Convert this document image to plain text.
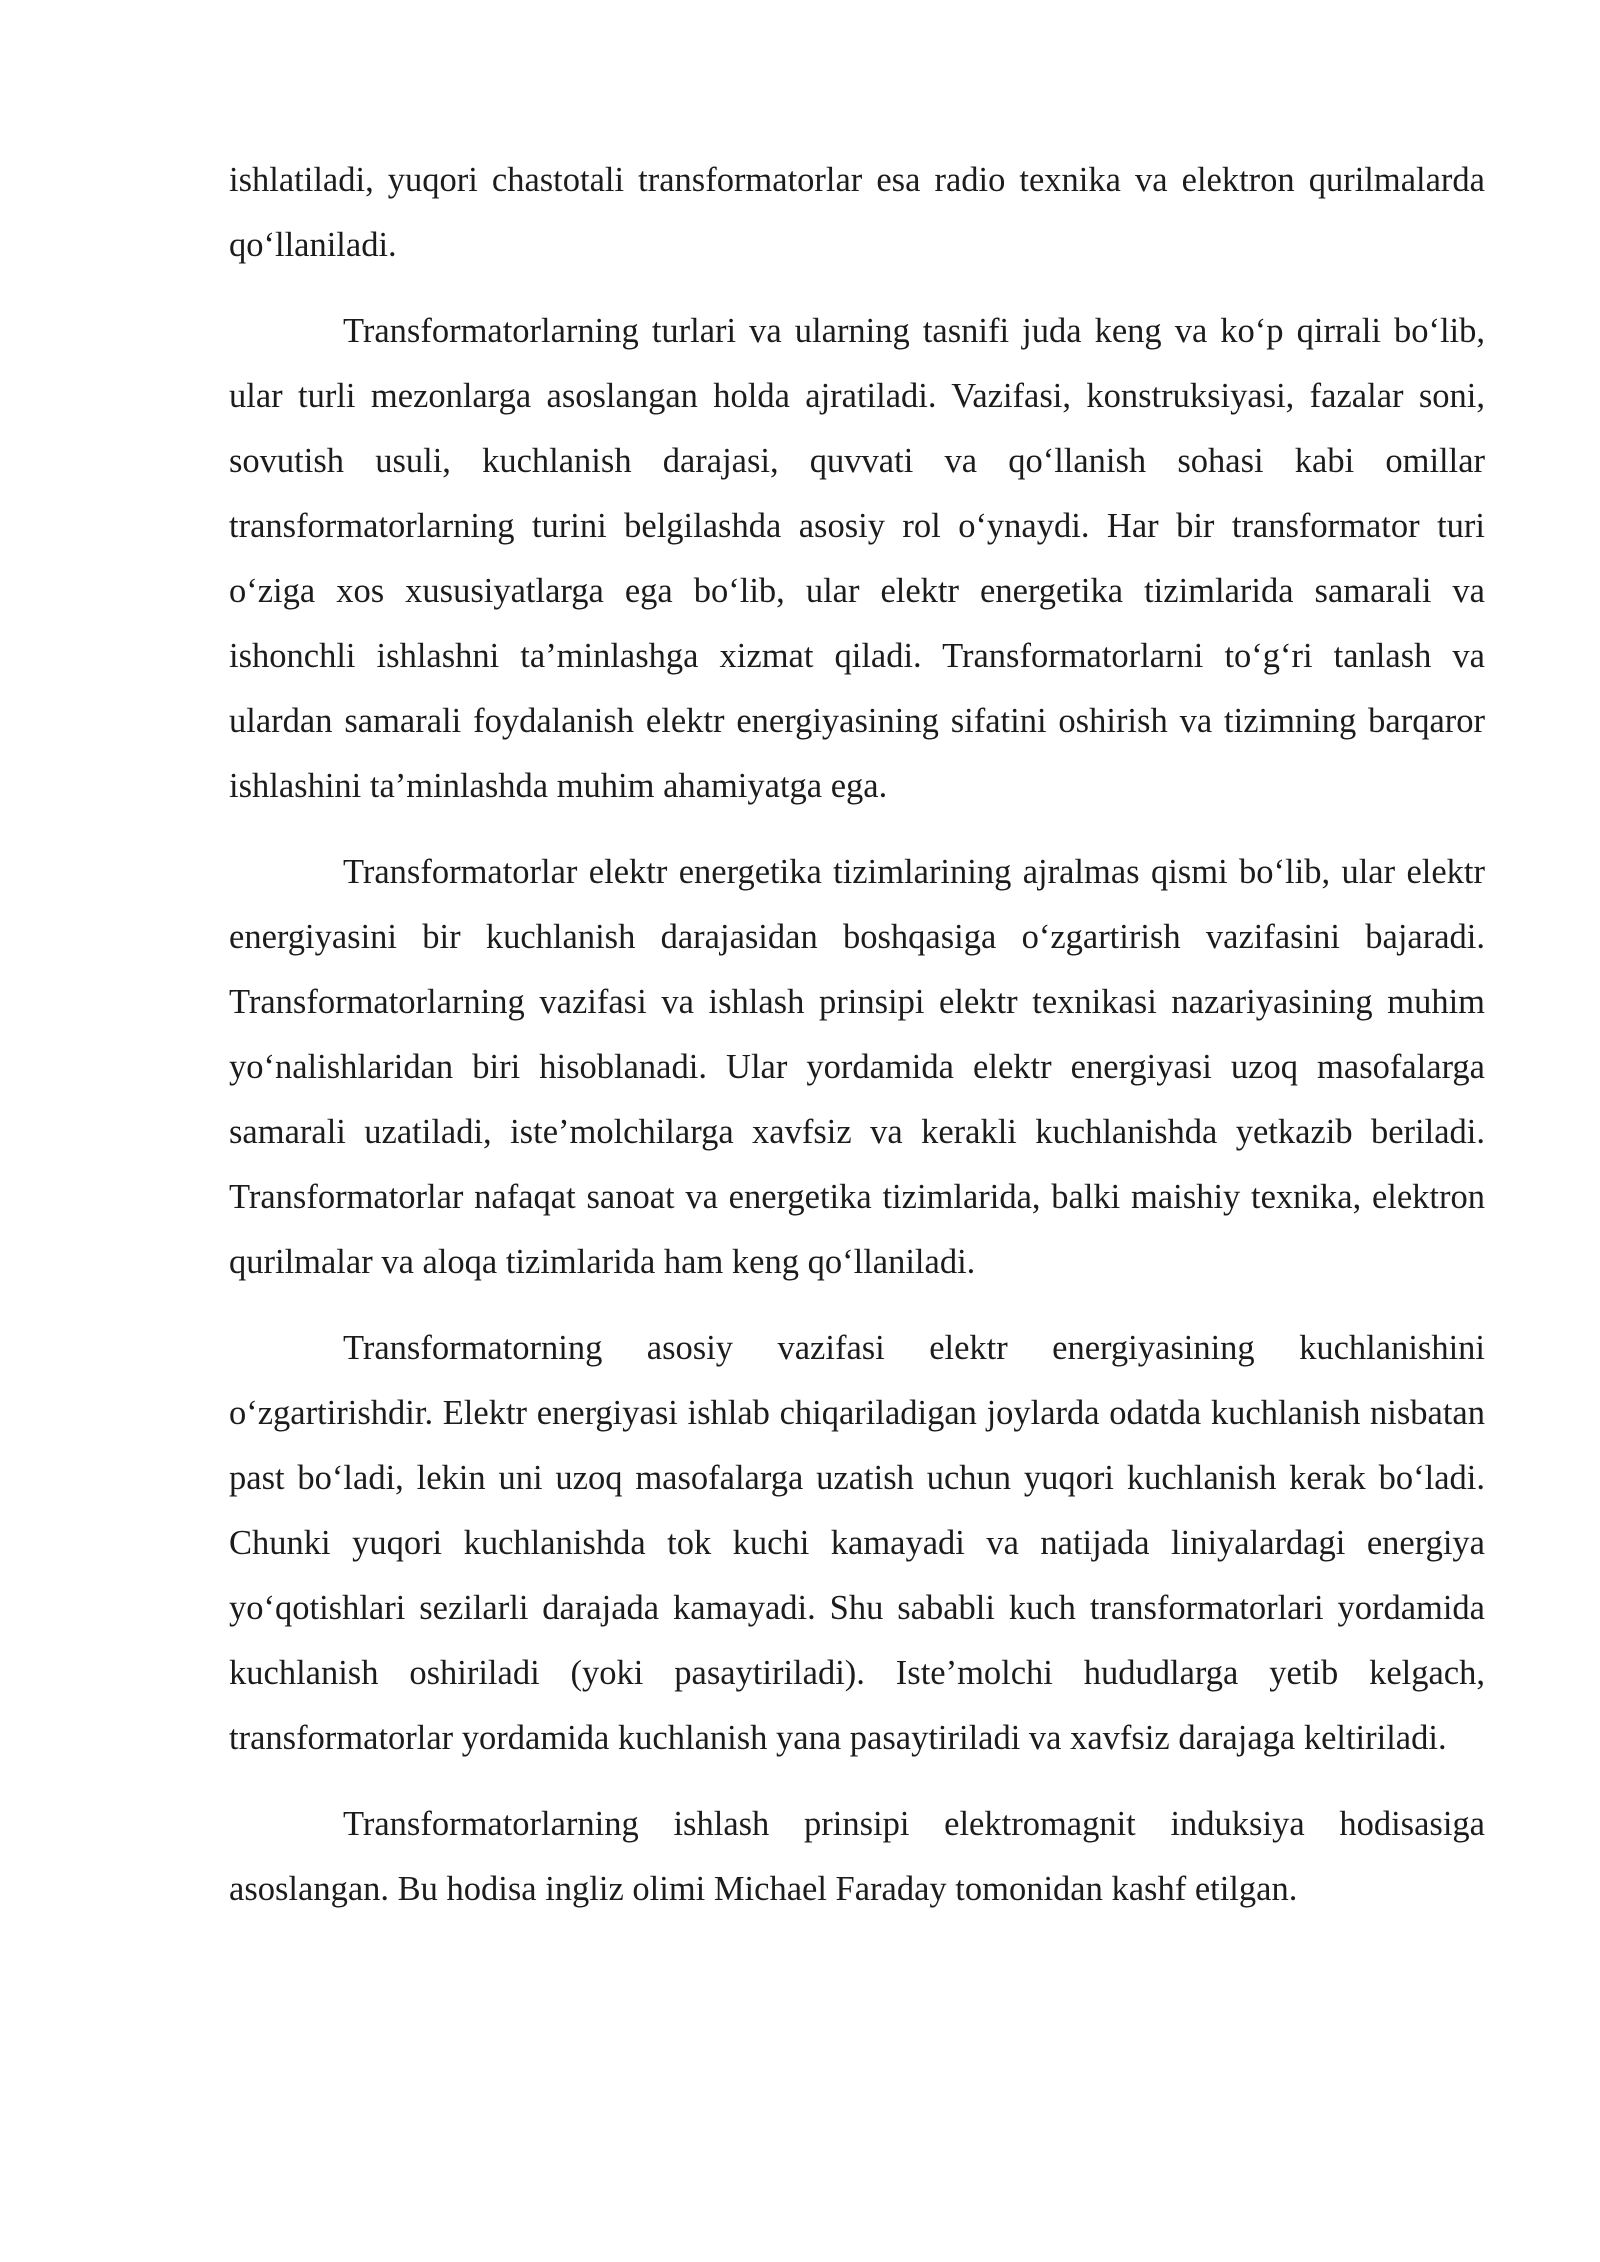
ishlatiladi, yuqori chastotali transformatorlar esa radio texnika va elektron qurilmalarda qo‘llaniladi.

Transformatorlarning turlari va ularning tasnifi juda keng va ko‘p qirrali bo‘lib, ular turli mezonlarga asoslangan holda ajratiladi. Vazifasi, konstruksiyasi, fazalar soni, sovutish usuli, kuchlanish darajasi, quvvati va qo‘llanish sohasi kabi omillar transformatorlarning turini belgilashda asosiy rol o‘ynaydi. Har bir transformator turi o‘ziga xos xususiyatlarga ega bo‘lib, ular elektr energetika tizimlarida samarali va ishonchli ishlashni ta’minlashga xizmat qiladi. Transformatorlarni to‘g‘ri tanlash va ulardan samarali foydalanish elektr energiyasining sifatini oshirish va tizimning barqaror ishlashini ta’minlashda muhim ahamiyatga ega.

Transformatorlar elektr energetika tizimlarining ajralmas qismi bo‘lib, ular elektr energiyasini bir kuchlanish darajasidan boshqasiga o‘zgartirish vazifasini bajaradi. Transformatorlarning vazifasi va ishlash prinsipi elektr texnikasi nazariyasining muhim yo‘nalishlaridan biri hisoblanadi. Ular yordamida elektr energiyasi uzoq masofalarga samarali uzatiladi, iste’molchilarga xavfsiz va kerakli kuchlanishda yetkazib beriladi. Transformatorlar nafaqat sanoat va energetika tizimlarida, balki maishiy texnika, elektron qurilmalar va aloqa tizimlarida ham keng qo‘llaniladi.

Transformatorning asosiy vazifasi elektr energiyasining kuchlanishini o‘zgartirishdir. Elektr energiyasi ishlab chiqariladigan joylarda odatda kuchlanish nisbatan past bo‘ladi, lekin uni uzoq masofalarga uzatish uchun yuqori kuchlanish kerak bo‘ladi. Chunki yuqori kuchlanishda tok kuchi kamayadi va natijada liniyalardagi energiya yo‘qotishlari sezilarli darajada kamayadi. Shu sababli kuch transformatorlari yordamida kuchlanish oshiriladi (yoki pasaytiriladi). Iste’molchi hududlarga yetib kelgach, transformatorlar yordamida kuchlanish yana pasaytiriladi va xavfsiz darajaga keltiriladi.

Transformatorlarning ishlash prinsipi elektromagnit induksiya hodisasiga asoslangan. Bu hodisa ingliz olimi Michael Faraday tomonidan kashf etilgan.
